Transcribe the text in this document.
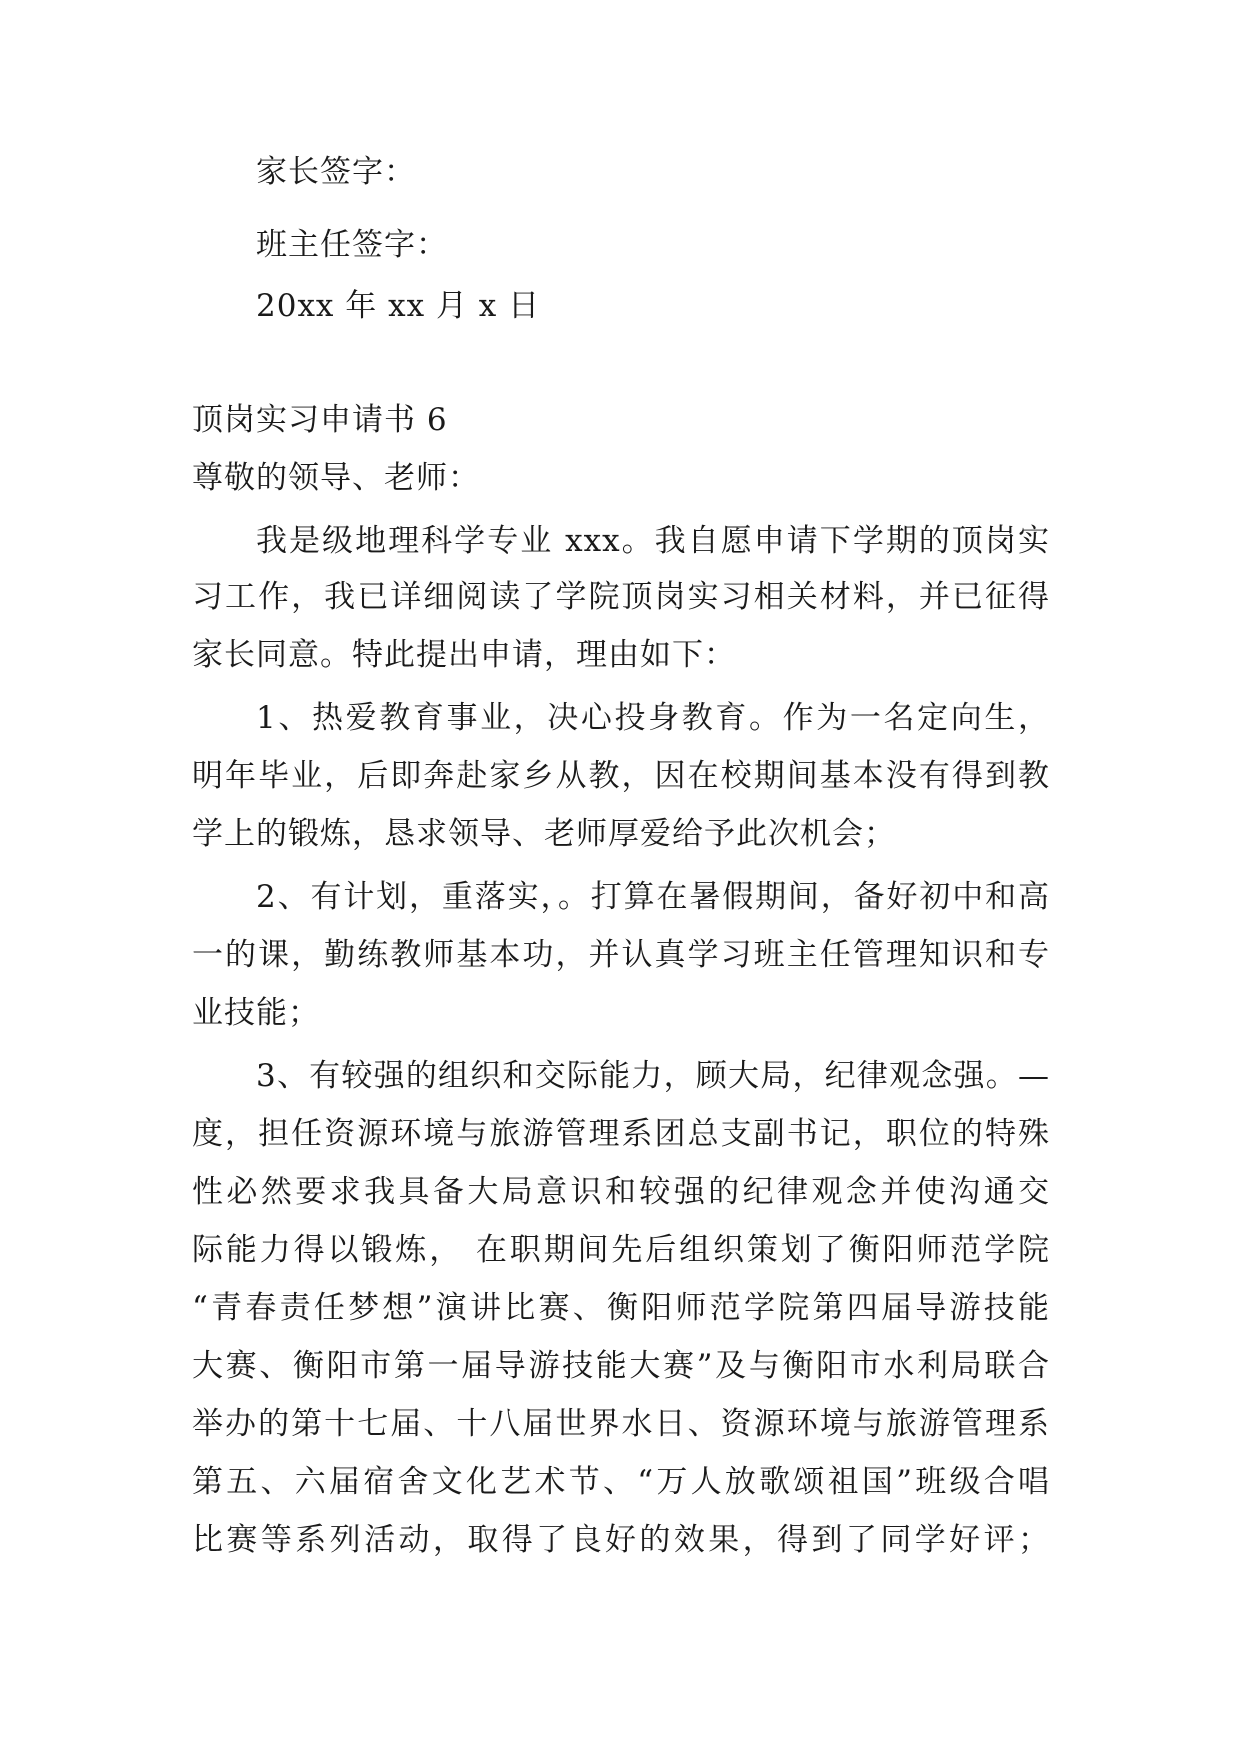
家长签字：
班主任签字：
20xx 年 xx 月 x 日
顶岗实习申请书 6
尊敬的领导、老师：
我是级地理科学专业 xxx。我自愿申请下学期的顶岗实
习工作，我已详细阅读了学院顶岗实习相关材料，并已征得
家长同意。特此提出申请，理由如下：
1、热爱教育事业，决心投身教育。作为一名定向生，
明年毕业，后即奔赴家乡从教，因在校期间基本没有得到教
学上的锻炼，恳求领导、老师厚爱给予此次机会；
2、有计划，重落实，。打算在暑假期间，备好初中和高
一的课，勤练教师基本功，并认真学习班主任管理知识和专
业技能；
3、有较强的组织和交际能力，顾大局，纪律观念强。—
度，担任资源环境与旅游管理系团总支副书记，职位的特殊
性必然要求我具备大局意识和较强的纪律观念并使沟通交
际能力得以锻炼， 在职期间先后组织策划了衡阳师范学院
“青春责任梦想”演讲比赛、衡阳师范学院第四届导游技能
大赛、衡阳市第一届导游技能大赛”及与衡阳市水利局联合
举办的第十七届、十八届世界水日、资源环境与旅游管理系
第五、六届宿舍文化艺术节、“万人放歌颂祖国”班级合唱
比赛等系列活动，取得了良好的效果，得到了同学好评；
